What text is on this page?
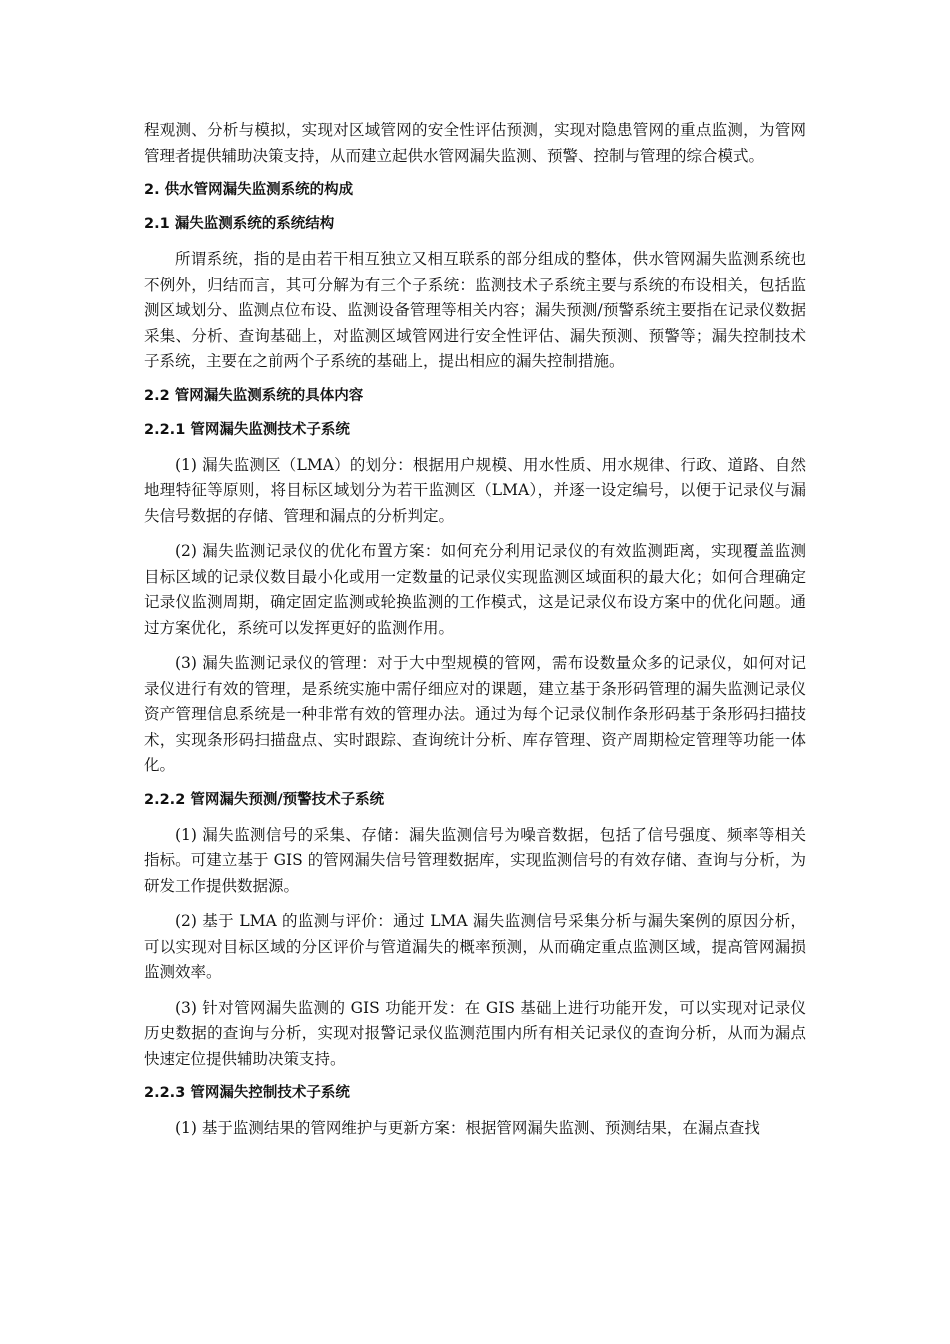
程观测、分析与模拟，实现对区域管网的安全性评估预测，实现对隐患管网的重点监测，为管网管理者提供辅助决策支持，从而建立起供水管网漏失监测、预警、控制与管理的综合模式。

2. 供水管网漏失监测系统的构成
2.1 漏失监测系统的系统结构

所谓系统，指的是由若干相互独立又相互联系的部分组成的整体，供水管网漏失监测系统也不例外，归结而言，其可分解为有三个子系统：监测技术子系统主要与系统的布设相关，包括监测区域划分、监测点位布设、监测设备管理等相关内容；漏失预测/预警系统主要指在记录仪数据采集、分析、查询基础上，对监测区域管网进行安全性评估、漏失预测、预警等；漏失控制技术子系统，主要在之前两个子系统的基础上，提出相应的漏失控制措施。

2.2 管网漏失监测系统的具体内容
2.2.1 管网漏失监测技术子系统

(1) 漏失监测区（LMA）的划分：根据用户规模、用水性质、用水规律、行政、道路、自然地理特征等原则，将目标区域划分为若干监测区（LMA），并逐一设定编号，以便于记录仪与漏失信号数据的存储、管理和漏点的分析判定。

(2) 漏失监测记录仪的优化布置方案：如何充分利用记录仪的有效监测距离，实现覆盖监测目标区域的记录仪数目最小化或用一定数量的记录仪实现监测区域面积的最大化；如何合理确定记录仪监测周期，确定固定监测或轮换监测的工作模式，这是记录仪布设方案中的优化问题。通过方案优化，系统可以发挥更好的监测作用。

(3) 漏失监测记录仪的管理：对于大中型规模的管网，需布设数量众多的记录仪，如何对记录仪进行有效的管理，是系统实施中需仔细应对的课题，建立基于条形码管理的漏失监测记录仪资产管理信息系统是一种非常有效的管理办法。通过为每个记录仪制作条形码基于条形码扫描技术，实现条形码扫描盘点、实时跟踪、查询统计分析、库存管理、资产周期检定管理等功能一体化。

2.2.2 管网漏失预测/预警技术子系统

(1) 漏失监测信号的采集、存储：漏失监测信号为噪音数据，包括了信号强度、频率等相关指标。可建立基于 GIS 的管网漏失信号管理数据库，实现监测信号的有效存储、查询与分析，为研发工作提供数据源。

(2) 基于 LMA 的监测与评价：通过 LMA 漏失监测信号采集分析与漏失案例的原因分析，可以实现对目标区域的分区评价与管道漏失的概率预测，从而确定重点监测区域，提高管网漏损监测效率。

(3) 针对管网漏失监测的 GIS 功能开发：在 GIS 基础上进行功能开发，可以实现对记录仪历史数据的查询与分析，实现对报警记录仪监测范围内所有相关记录仪的查询分析，从而为漏点快速定位提供辅助决策支持。

2.2.3 管网漏失控制技术子系统

(1) 基于监测结果的管网维护与更新方案：根据管网漏失监测、预测结果，在漏点查找
